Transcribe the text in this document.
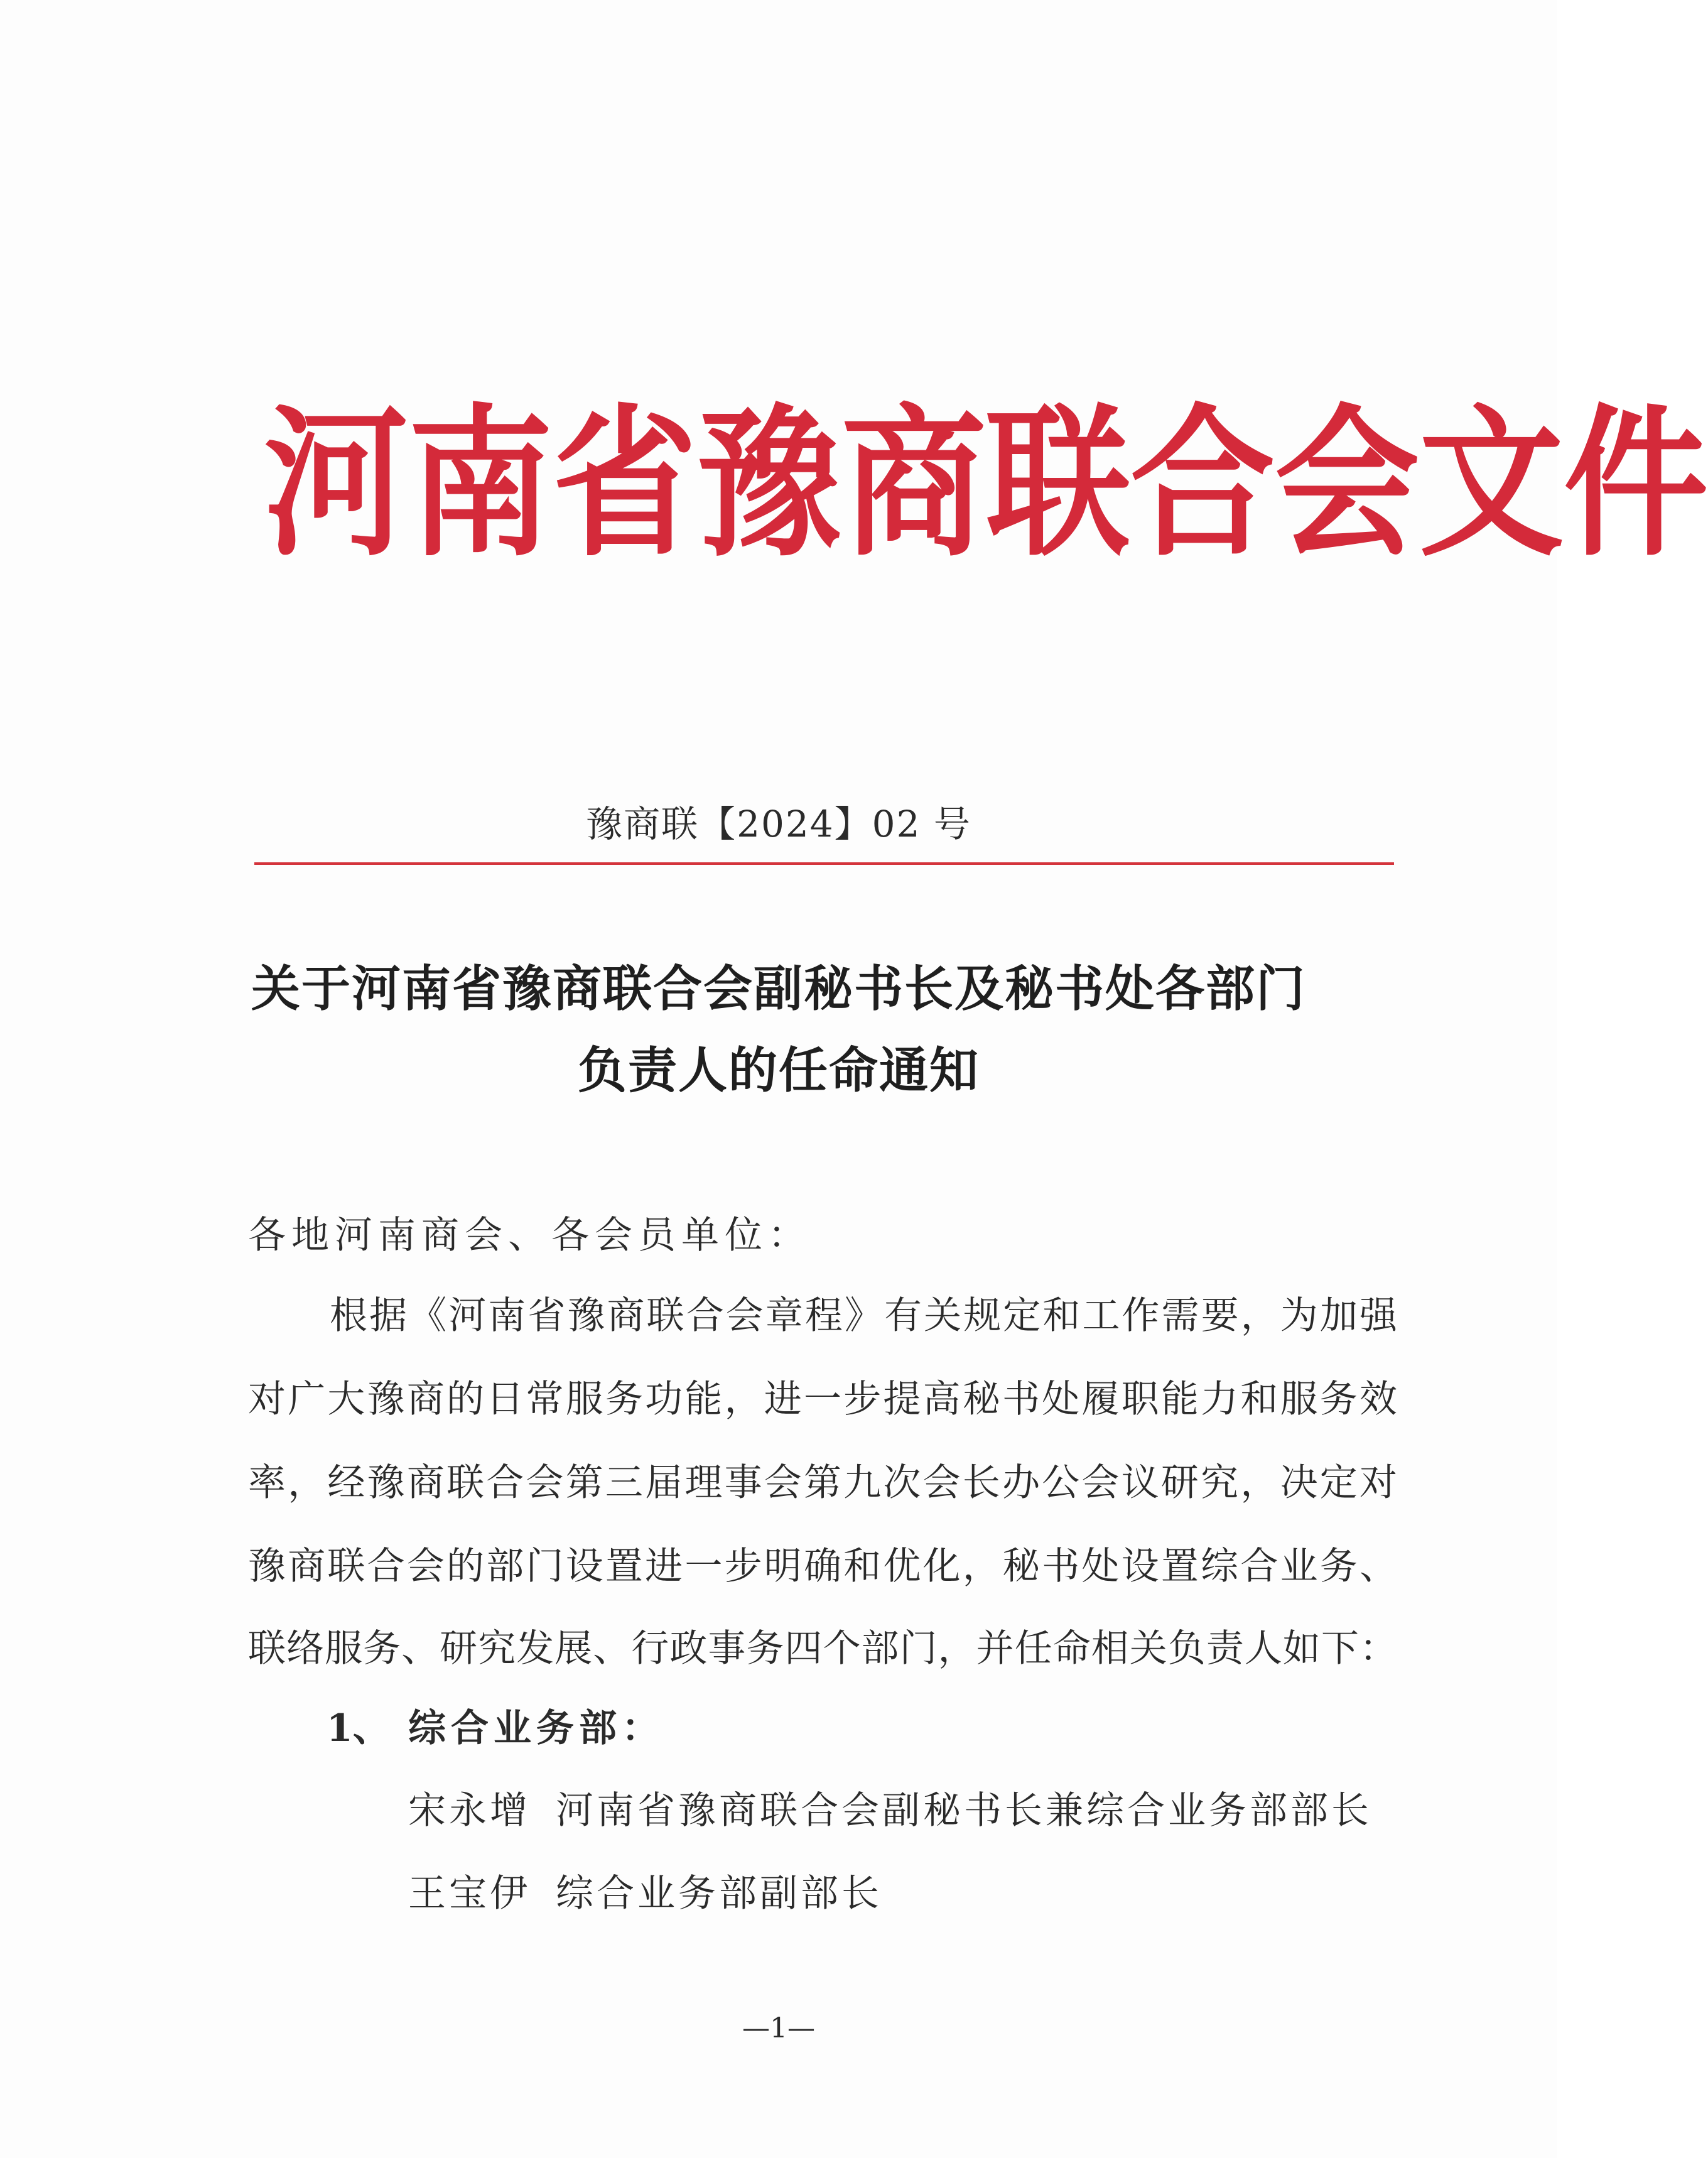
河 南 省 豫 商 联 合 会 文 件
豫商联【2024】02 号
关于河南省豫商联合会副秘书长及秘书处各部门
负责人的任命通知
各地河南商会、各会员单位：
根据《河南省豫商联合会章程》有关规定和工作需要，为加强
对广大豫商的日常服务功能，进一步提高秘书处履职能力和服务效
率，经豫商联合会第三届理事会第九次会长办公会议研究，决定对
豫商联合会的部门设置进一步明确和优化，秘书处设置综合业务、
联络服务、研究发展、行政事务四个部门，并任命相关负责人如下：
1、 综合业务部：
宋永增 河南省豫商联合会副秘书长兼综合业务部部长
王宝伊 综合业务部副部长
—1—
